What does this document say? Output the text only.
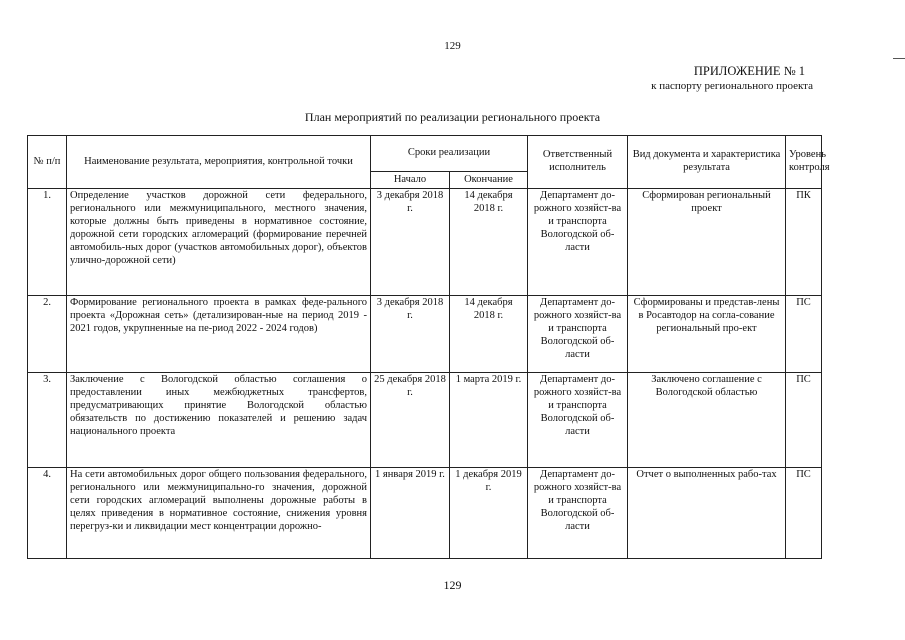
129
ПРИЛОЖЕНИЕ № 1
к паспорту регионального проекта
План мероприятий по реализации регионального проекта
№ п/п	Наименование результата, мероприятия, контрольной точки	Сроки реализации		Ответственный исполнитель	Вид документа и характеристика результата	Уровень контроля
		Начало	Окончание			
1.	Определение участков дорожной сети федерального, регионального или межмуниципального, местного значения, которые должны быть приведены в нормативное состояние, дорожной сети городских агломераций (формирование перечней автомобиль-ных дорог (участков автомобильных дорог), объектов улично-дорожной сети)	3 декабря 2018 г.	14 декабря 2018 г.	Департамент до-рожного хозяйст-ва и транспорта Вологодской об-ласти	Сформирован региональный проект	ПК
2.	Формирование регионального проекта в рамках феде-рального проекта «Дорожная сеть» (детализирован-ные на период 2019 - 2021 годов, укрупненные на пе-риод 2022 - 2024 годов)	3 декабря 2018 г.	14 декабря 2018 г.	Департамент до-рожного хозяйст-ва и транспорта Вологодской об-ласти	Сформированы и представ-лены в Росавтодор на согла-сование региональный про-ект	ПС
3.	Заключение с Вологодской областью соглашения о предоставлении иных межбюджетных трансфертов, предусматривающих принятие Вологодской областью обязательств по достижению показателей и решению задач национального проекта	25 декабря 2018 г.	1 марта 2019 г.	Департамент до-рожного хозяйст-ва и транспорта Вологодской об-ласти	Заключено соглашение с Вологодской областью	ПС
4.	На сети автомобильных дорог общего пользования федерального, регионального или межмуниципально-го значения, дорожной сети городских агломераций выполнены дорожные работы в целях приведения в нормативное состояние, снижения уровня перегруз-ки и ликвидации мест концентрации дорожно-	1 января 2019 г.	1 декабря 2019 г.	Департамент до-рожного хозяйст-ва и транспорта Вологодской об-ласти	Отчет о выполненных рабо-тах	ПС
129
